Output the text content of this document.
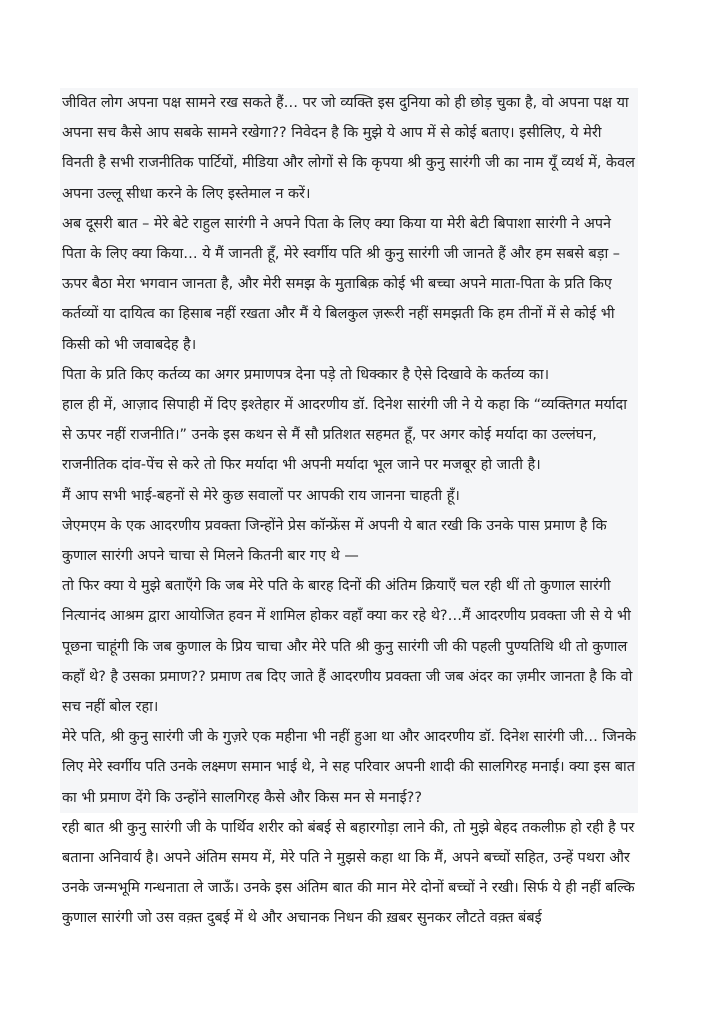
जीवित लोग अपना पक्ष सामने रख सकते हैं… पर जो व्यक्ति इस दुनिया को ही छोड़ चुका है, वो अपना पक्ष या अपना सच कैसे आप सबके सामने रखेगा?? निवेदन है कि मुझे ये आप में से कोई बताए। इसीलिए, ये मेरी विनती है सभी राजनीतिक पार्टियों, मीडिया और लोगों से कि कृपया श्री कुनु सारंगी जी का नाम यूँ व्यर्थ में, केवल अपना उल्लू सीधा करने के लिए इस्तेमाल न करें।

अब दूसरी बात – मेरे बेटे राहुल सारंगी ने अपने पिता के लिए क्या किया या मेरी बेटी बिपाशा सारंगी ने अपने पिता के लिए क्या किया… ये मैं जानती हूँ, मेरे स्वर्गीय पति श्री कुनु सारंगी जी जानते हैं और हम सबसे बड़ा – ऊपर बैठा मेरा भगवान जानता है, और मेरी समझ के मुताबिक़ कोई भी बच्चा अपने माता-पिता के प्रति किए कर्तव्यों या दायित्व का हिसाब नहीं रखता और मैं ये बिलकुल ज़रूरी नहीं समझती कि हम तीनों में से कोई भी किसी को भी जवाबदेह है।

पिता के प्रति किए कर्तव्य का अगर प्रमाणपत्र देना पड़े तो धिक्कार है ऐसे दिखावे के कर्तव्य का।

हाल ही में, आज़ाद सिपाही में दिए इश्तेहार में आदरणीय डॉ. दिनेश सारंगी जी ने ये कहा कि “व्यक्तिगत मर्यादा से ऊपर नहीं राजनीति।” उनके इस कथन से मैं सौ प्रतिशत सहमत हूँ, पर अगर कोई मर्यादा का उल्लंघन, राजनीतिक दांव-पेंच से करे तो फिर मर्यादा भी अपनी मर्यादा भूल जाने पर मजबूर हो जाती है।

मैं आप सभी भाई-बहनों से मेरे कुछ सवालों पर आपकी राय जानना चाहती हूँ।

जेएमएम के एक आदरणीय प्रवक्ता जिन्होंने प्रेस कॉन्फ्रेंस में अपनी ये बात रखी कि उनके पास प्रमाण है कि कुणाल सारंगी अपने चाचा से मिलने कितनी बार गए थे —

तो फिर क्या ये मुझे बताएँगे कि जब मेरे पति के बारह दिनों की अंतिम क्रियाएँ चल रही थीं तो कुणाल सारंगी नित्यानंद आश्रम द्वारा आयोजित हवन में शामिल होकर वहाँ क्या कर रहे थे?…मैं आदरणीय प्रवक्ता जी से ये भी पूछना चाहूंगी कि जब कुणाल के प्रिय चाचा और मेरे पति श्री कुनु सारंगी जी की पहली पुण्यतिथि थी तो कुणाल कहाँ थे? है उसका प्रमाण?? प्रमाण तब दिए जाते हैं आदरणीय प्रवक्ता जी जब अंदर का ज़मीर जानता है कि वो सच नहीं बोल रहा।

मेरे पति, श्री कुनु सारंगी जी के गुज़रे एक महीना भी नहीं हुआ था और आदरणीय डॉ. दिनेश सारंगी जी… जिनके लिए मेरे स्वर्गीय पति उनके लक्ष्मण समान भाई थे, ने सह परिवार अपनी शादी की सालगिरह मनाई। क्या इस बात का भी प्रमाण देंगे कि उन्होंने सालगिरह कैसे और किस मन से मनाई??

रही बात श्री कुनु सारंगी जी के पार्थिव शरीर को बंबई से बहारगोड़ा लाने की, तो मुझे बेहद तकलीफ़ हो रही है पर बताना अनिवार्य है। अपने अंतिम समय में, मेरे पति ने मुझसे कहा था कि मैं, अपने बच्चों सहित, उन्हें पथरा और उनके जन्मभूमि गन्धनाता ले जाऊँ। उनके इस अंतिम बात की मान मेरे दोनों बच्चों ने रखी। सिर्फ ये ही नहीं बल्कि कुणाल सारंगी जो उस वक़्त दुबई में थे और अचानक निधन की ख़बर सुनकर लौटते वक़्त बंबई
